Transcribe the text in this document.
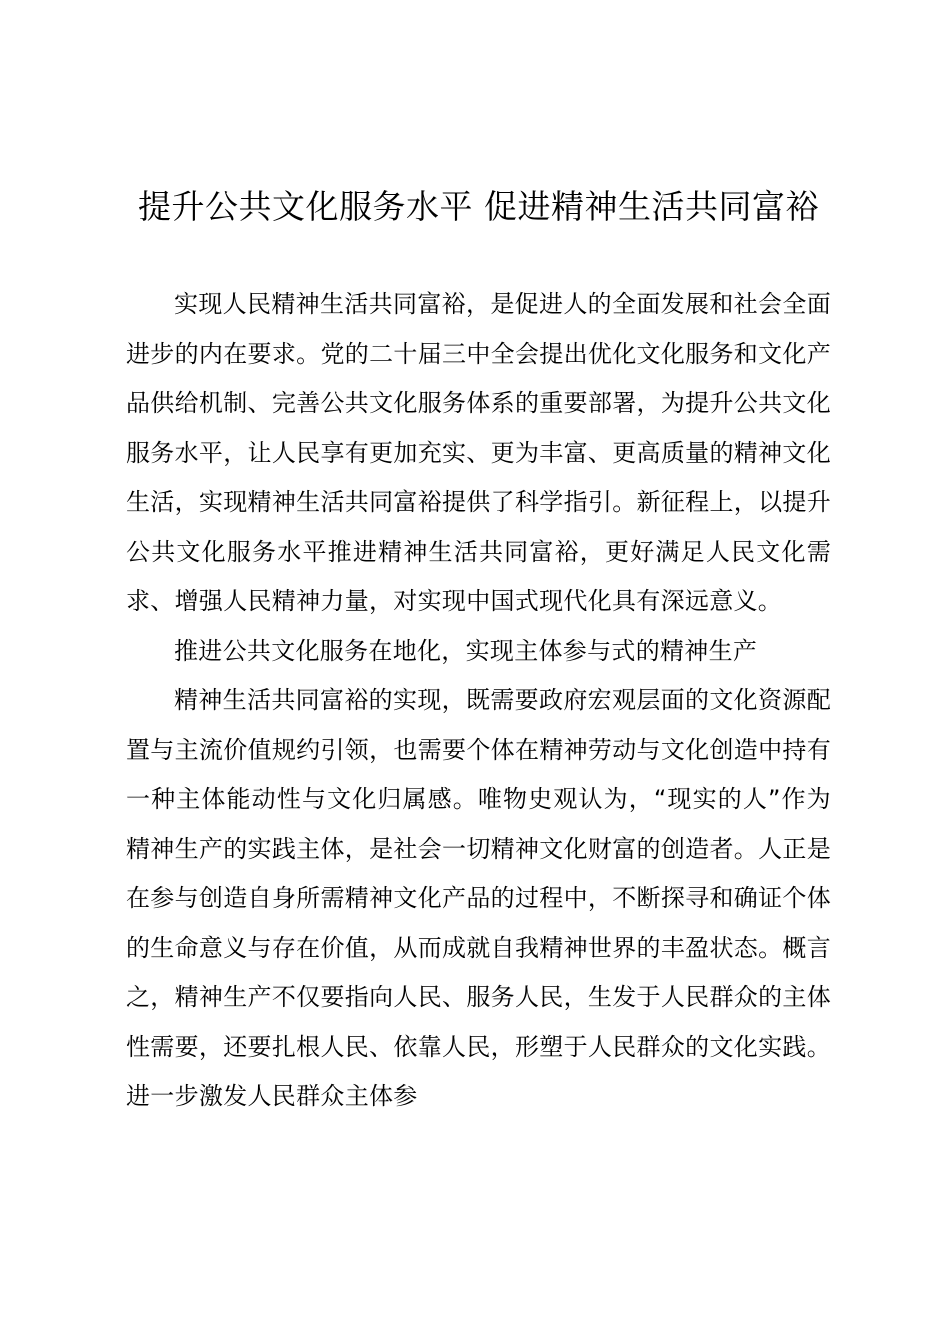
提升公共文化服务水平 促进精神生活共同富裕

实现人民精神生活共同富裕，是促进人的全面发展和社会全面进步的内在要求。党的二十届三中全会提出优化文化服务和文化产品供给机制、完善公共文化服务体系的重要部署，为提升公共文化服务水平，让人民享有更加充实、更为丰富、更高质量的精神文化生活，实现精神生活共同富裕提供了科学指引。新征程上，以提升公共文化服务水平推进精神生活共同富裕，更好满足人民文化需求、增强人民精神力量，对实现中国式现代化具有深远意义。

推进公共文化服务在地化，实现主体参与式的精神生产

精神生活共同富裕的实现，既需要政府宏观层面的文化资源配置与主流价值规约引领，也需要个体在精神劳动与文化创造中持有一种主体能动性与文化归属感。唯物史观认为，“现实的人”作为精神生产的实践主体，是社会一切精神文化财富的创造者。人正是在参与创造自身所需精神文化产品的过程中，不断探寻和确证个体的生命意义与存在价值，从而成就自我精神世界的丰盈状态。概言之，精神生产不仅要指向人民、服务人民，生发于人民群众的主体性需要，还要扎根人民、依靠人民，形塑于人民群众的文化实践。进一步激发人民群众主体参
